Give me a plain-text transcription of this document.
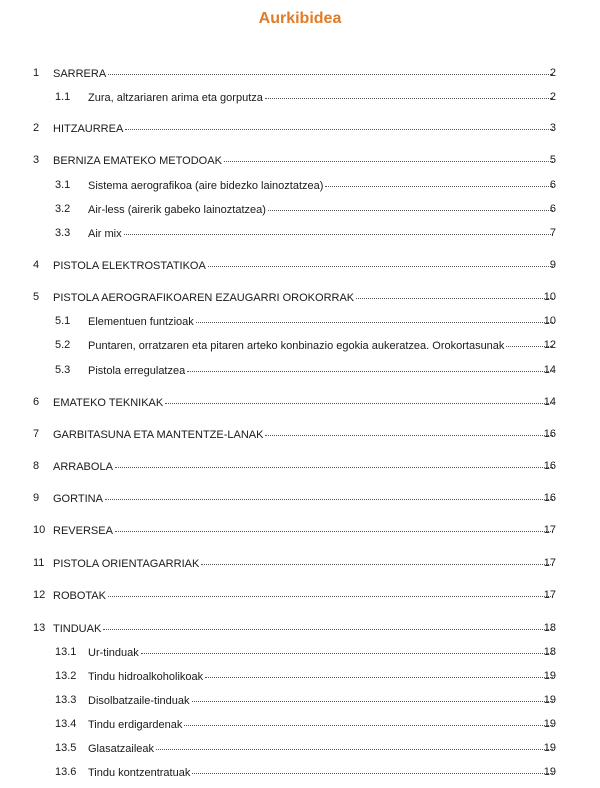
Aurkibidea
1 SARRERA	2
1.1 Zura, altzariaren arima eta gorputza	2
2 HITZAURREA	3
3 BERNIZA EMATEKO METODOAK	5
3.1 Sistema aerografikoa (aire bidezko lainoztatzea)	6
3.2 Air-less (airerik gabeko lainoztatzea)	6
3.3 Air mix	7
4 PISTOLA ELEKTROSTATIKOA	9
5 PISTOLA AEROGRAFIKOAREN EZAUGARRI OROKORRAK	10
5.1 Elementuen funtzioak	10
5.2 Puntaren, orratzaren eta pitaren arteko konbinazio egokia aukeratzea. Orokortasunak	12
5.3 Pistola erregulatzea	14
6 EMATEKO TEKNIKAK	14
7 GARBITASUNA ETA MANTENTZE-LANAK	16
8 ARRABOLA	16
9 GORTINA	16
10 REVERSEA	17
11 PISTOLA ORIENTAGARRIAK	17
12 ROBOTAK	17
13 TINDUAK	18
13.1 Ur-tinduak	18
13.2 Tindu hidroalkoholikoak	19
13.3 Disolbatzaile-tinduak	19
13.4 Tindu erdigardenak	19
13.5 Glasatzaileak	19
13.6 Tindu kontzentratuak	19
